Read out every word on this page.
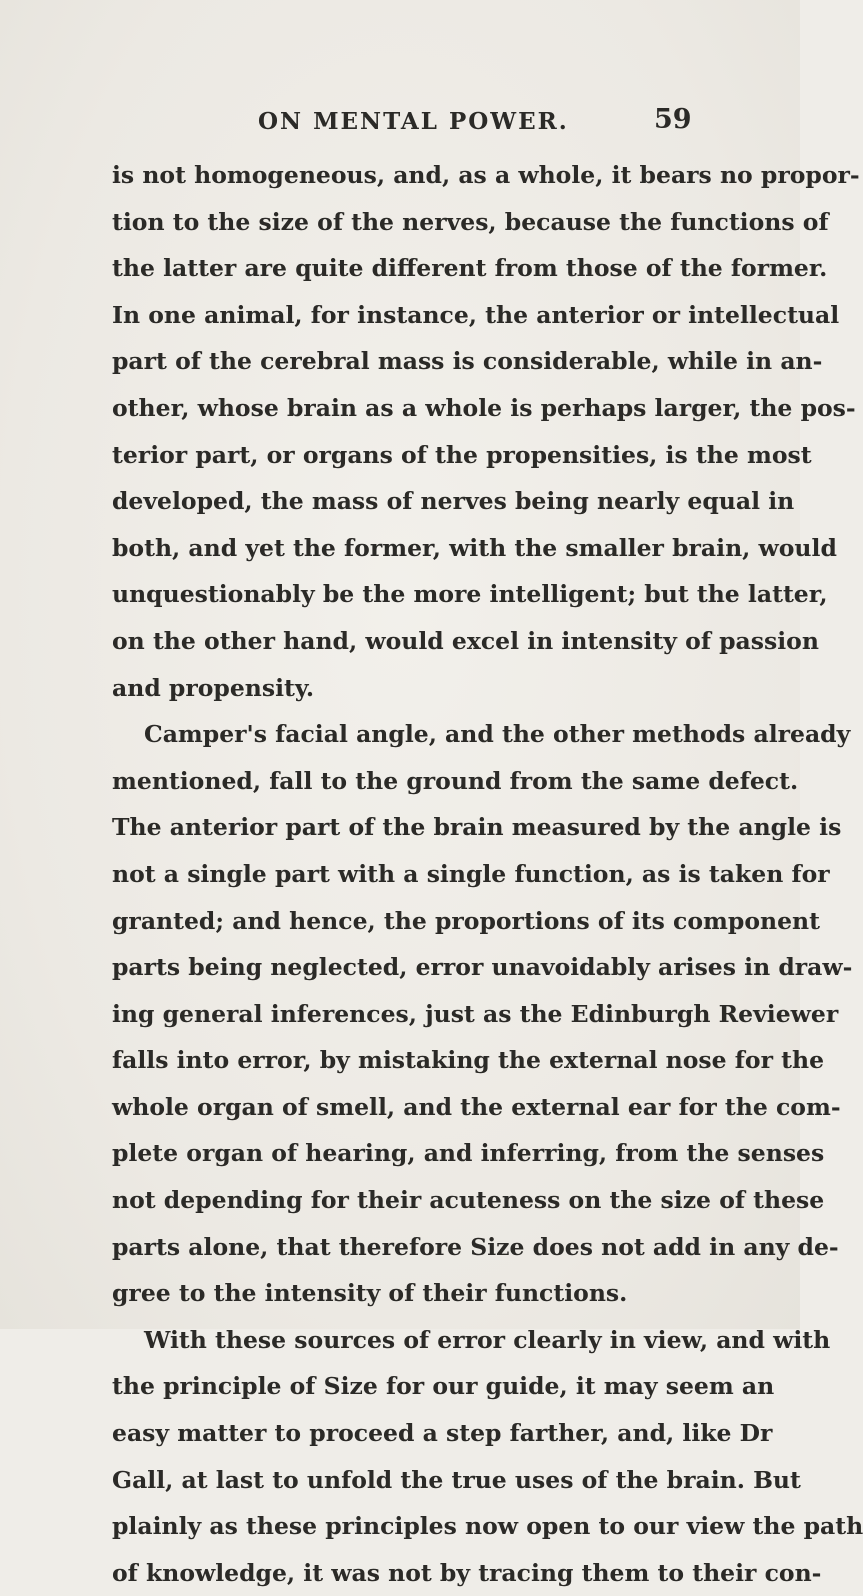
ON MENTAL POWER.	59
is not homogeneous, and, as a whole, it bears no propor-
tion to the size of the nerves, because the functions of
the latter are quite different from those of the former.
In one animal, for instance, the anterior or intellectual
part of the cerebral mass is considerable, while in an-
other, whose brain as a whole is perhaps larger, the pos-
terior part, or organs of the propensities, is the most
developed, the mass of nerves being nearly equal in
both, and yet the former, with the smaller brain, would
unquestionably be the more intelligent; but the latter,
on the other hand, would excel in intensity of passion
and propensity.
Camper's facial angle, and the other methods already
mentioned, fall to the ground from the same defect.
The anterior part of the brain measured by the angle is
not a single part with a single function, as is taken for
granted; and hence, the proportions of its component
parts being neglected, error unavoidably arises in draw-
ing general inferences, just as the Edinburgh Reviewer
falls into error, by mistaking the external nose for the
whole organ of smell, and the external ear for the com-
plete organ of hearing, and inferring, from the senses
not depending for their acuteness on the size of these
parts alone, that therefore Size does not add in any de-
gree to the intensity of their functions.
With these sources of error clearly in view, and with
the principle of Size for our guide, it may seem an
easy matter to proceed a step farther, and, like Dr
Gall, at last to unfold the true uses of the brain. But
plainly as these principles now open to our view the path
of knowledge, it was not by tracing them to their con-
